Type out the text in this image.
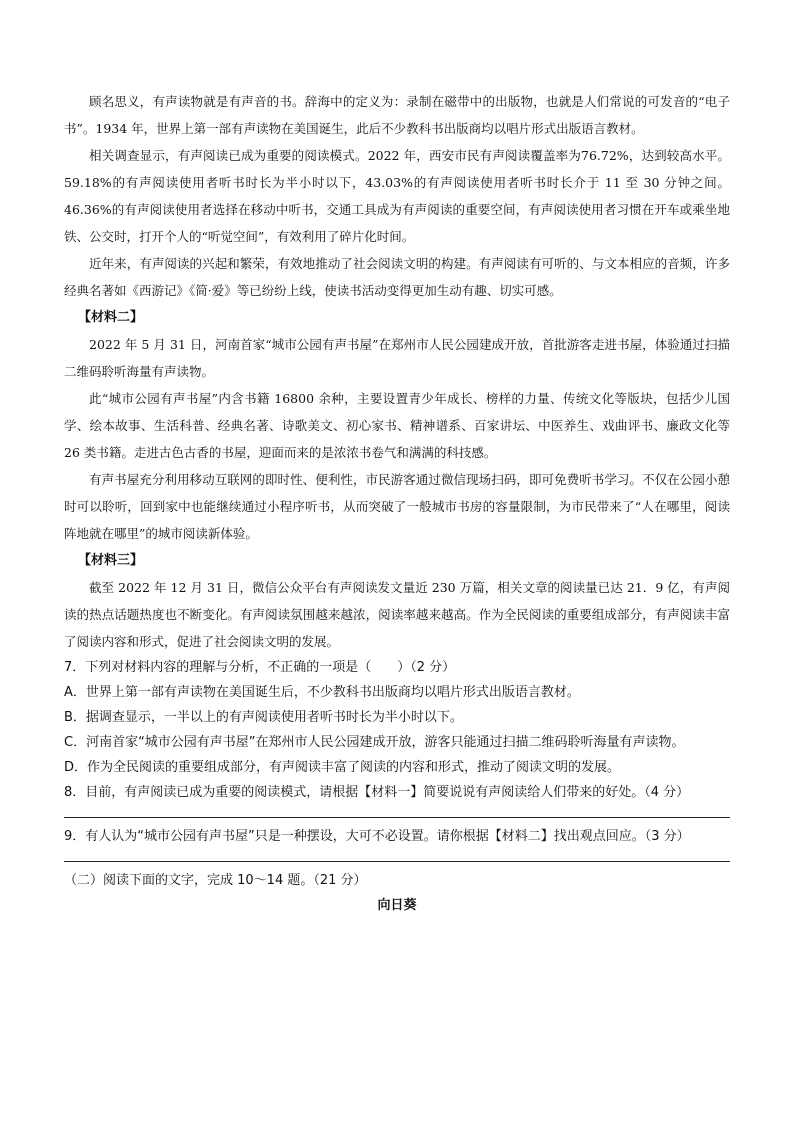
顾名思义，有声读物就是有声音的书。辞海中的定义为：录制在磁带中的出版物，也就是人们常说的可发音的“电子书”。1934 年，世界上第一部有声读物在美国诞生，此后不少教科书出版商均以唱片形式出版语言教材。

相关调查显示，有声阅读已成为重要的阅读模式。2022 年，西安市民有声阅读覆盖率为76.72%，达到较高水平。59.18%的有声阅读使用者听书时长为半小时以下，43.03%的有声阅读使用者听书时长介于 11 至 30 分钟之间。46.36%的有声阅读使用者选择在移动中听书，交通工具成为有声阅读的重要空间，有声阅读使用者习惯在开车或乘坐地铁、公交时，打开个人的“听觉空间”，有效利用了碎片化时间。

近年来，有声阅读的兴起和繁荣，有效地推动了社会阅读文明的构建。有声阅读有可听的、与文本相应的音频，许多经典名著如《西游记》《简·爱》等已纷纷上线，使读书活动变得更加生动有趣、切实可感。

【材料二】

2022 年 5 月 31 日，河南首家“城市公园有声书屋”在郑州市人民公园建成开放，首批游客走进书屋，体验通过扫描二维码聆听海量有声读物。

此“城市公园有声书屋”内含书籍 16800 余种，主要设置青少年成长、榜样的力量、传统文化等版块，包括少儿国学、绘本故事、生活科普、经典名著、诗歌美文、初心家书、精神谱系、百家讲坛、中医养生、戏曲评书、廉政文化等 26 类书籍。走进古色古香的书屋，迎面而来的是浓浓书卷气和满满的科技感。

有声书屋充分利用移动互联网的即时性、便利性，市民游客通过微信现场扫码，即可免费听书学习。不仅在公园小憩时可以聆听，回到家中也能继续通过小程序听书，从而突破了一般城市书房的容量限制，为市民带来了“人在哪里，阅读阵地就在哪里”的城市阅读新体验。

【材料三】

截至 2022 年 12 月 31 日，微信公众平台有声阅读发文量近 230 万篇，相关文章的阅读量已达 21．9 亿，有声阅读的热点话题热度也不断变化。有声阅读氛围越来越浓，阅读率越来越高。作为全民阅读的重要组成部分，有声阅读丰富了阅读内容和形式，促进了社会阅读文明的发展。

7．下列对材料内容的理解与分析，不正确的一项是（　　）（2 分）

A．世界上第一部有声读物在美国诞生后，不少教科书出版商均以唱片形式出版语言教材。

B．据调查显示，一半以上的有声阅读使用者听书时长为半小时以下。

C．河南首家“城市公园有声书屋”在郑州市人民公园建成开放，游客只能通过扫描二维码聆听海量有声读物。

D．作为全民阅读的重要组成部分，有声阅读丰富了阅读的内容和形式，推动了阅读文明的发展。

8．目前，有声阅读已成为重要的阅读模式，请根据【材料一】简要说说有声阅读给人们带来的好处。（4 分）

9．有人认为“城市公园有声书屋”只是一种摆设，大可不必设置。请你根据【材料二】找出观点回应。（3 分）

（二）阅读下面的文字，完成 10～14 题。（21 分）

向日葵
